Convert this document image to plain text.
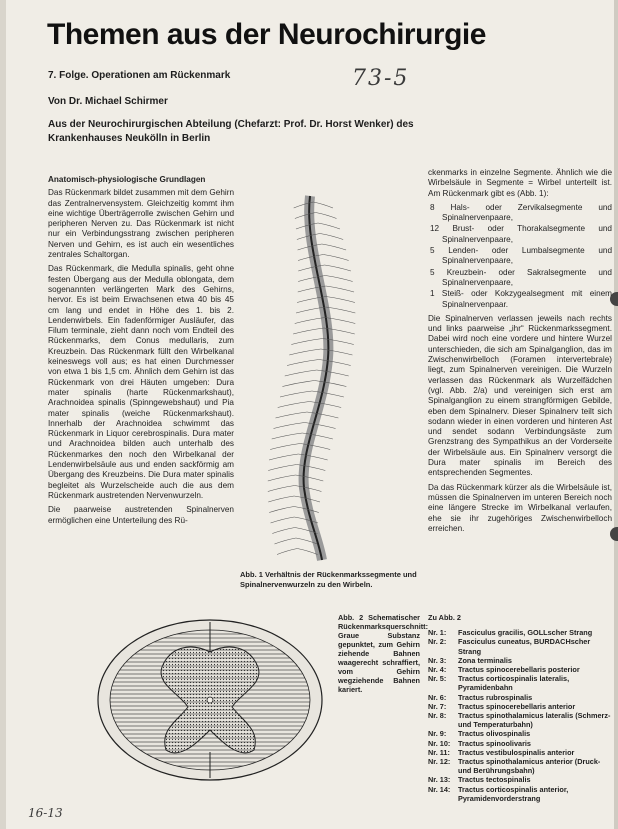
Themen aus der Neurochirurgie
7. Folge. Operationen am Rückenmark	73-5
Von Dr. Michael Schirmer
Aus der Neurochirurgischen Abteilung (Chefarzt: Prof. Dr. Horst Wenker) des Krankenhauses Neukölln in Berlin
Anatomisch-physiologische Grundlagen

Das Rückenmark bildet zusammen mit dem Gehirn das Zentralnervensystem. Gleichzeitig kommt ihm eine wichtige Überträgerrolle zwischen Gehirn und peripheren Nerven zu. Das Rückenmark ist nicht nur ein Verbindungsstrang zwischen peripheren Nerven und Gehirn, es ist auch ein wesentliches zentrales Schaltorgan.

Das Rückenmark, die Medulla spinalis, geht ohne festen Übergang aus der Medulla oblongata, dem sogenannten verlängerten Mark des Gehirns, hervor. Es ist beim Erwachsenen etwa 40 bis 45 cm lang und endet in Höhe des 1. bis 2. Lendenwirbels. Ein fadenförmiger Ausläufer, das Filum terminale, zieht dann noch vom Endteil des Rückenmarks, dem Conus medullaris, zum Kreuzbein. Das Rückenmark füllt den Wirbelkanal keineswegs voll aus; es hat einen Durchmesser von etwa 1 bis 1,5 cm. Ähnlich dem Gehirn ist das Rückenmark von drei Häuten umgeben: Dura mater spinalis (harte Rückenmarkshaut), Arachnoidea spinalis (Spinngewebshaut) und Pia mater spinalis (weiche Rückenmarkshaut). Innerhalb der Arachnoidea schwimmt das Rückenmark in Liquor cerebrospinalis. Dura mater und Arachnoidea bilden auch unterhalb des Rückenmarkes den noch den Wirbelkanal der Lendenwirbelsäule aus und enden sackförmig am Übergang des Kreuzbeins. Die Dura mater spinalis begleitet als Wurzelscheide auch die aus dem Rückenmark austretenden Nervenwurzeln.

Die paarweise austretenden Spinalnerven ermöglichen eine Unterteilung des Rü-

Abb. 1 Verhältnis der Rückenmarkssegmente und Spinalnervenwurzeln zu den Wirbeln.

ckenmarks in einzelne Segmente. Ähnlich wie die Wirbelsäule in Segmente = Wirbel unterteilt ist. Am Rückenmark gibt es (Abb. 1):

8 Hals- oder Zervikalsegmente und Spinalnervenpaare,
12 Brust- oder Thorakalsegmente und Spinalnervenpaare,
5 Lenden- oder Lumbalsegmente und Spinalnervenpaare,
5 Kreuzbein- oder Sakralsegmente und Spinalnervenpaare,
1 Steiß- oder Kokzygealsegment mit einem Spinalnervenpaar.

Die Spinalnerven verlassen jeweils nach rechts und links paarweise „ihr“ Rückenmarkssegment. Dabei wird noch eine vordere und hintere Wurzel unterschieden, die sich am Spinalganglion, das im Zwischenwirbelloch (Foramen intervertebrale) liegt, zum Spinalnerven vereinigen. Die Wurzeln verlassen das Rückenmark als Wurzelfädchen (vgl. Abb. 2/a) und vereinigen sich erst am Spinalganglion zu einem strangförmigen Gebilde, eben dem Spinalnerv. Dieser Spinalnerv teilt sich sodann wieder in einen vorderen und hinteren Ast und sendet sodann Verbindungsäste zum Grenzstrang des Sympathikus an der Vorderseite der Wirbelsäule aus. Ein Spinalnerv versorgt die Dura mater spinalis im Bereich des entsprechenden Segmentes.

Da das Rückenmark kürzer als die Wirbelsäule ist, müssen die Spinalnerven im unteren Bereich noch eine längere Strecke im Wirbelkanal verlaufen, ehe sie ihr zugehöriges Zwischenwirbelloch erreichen.

Abb. 2 Schematischer Rückenmarksquerschnitt: Graue Substanz gepunktet, zum Gehirn ziehende Bahnen waagerecht schraffiert, vom Gehirn wegziehende Bahnen kariert.
Zu Abb. 2
Nr. 1:	Fasciculus gracilis, GOLLscher Strang
Nr. 2:	Fasciculus cuneatus, BURDACHscher Strang
Nr. 3:	Zona terminalis
Nr. 4:	Tractus spinocerebellaris posterior
Nr. 5:	Tractus corticospinalis lateralis, Pyramidenbahn
Nr. 6:	Tractus rubrospinalis
Nr. 7:	Tractus spinocerebellaris anterior
Nr. 8:	Tractus spinothalamicus lateralis (Schmerz- und Temperaturbahn)
Nr. 9:	Tractus olivospinalis
Nr. 10:	Tractus spinoolivaris
Nr. 11:	Tractus vestibulospinalis anterior
Nr. 12:	Tractus spinothalamicus anterior (Druck- und Berührungsbahn)
Nr. 13:	Tractus tectospinalis
Nr. 14:	Tractus corticospinalis anterior, Pyramidenvorderstrang
16-13
